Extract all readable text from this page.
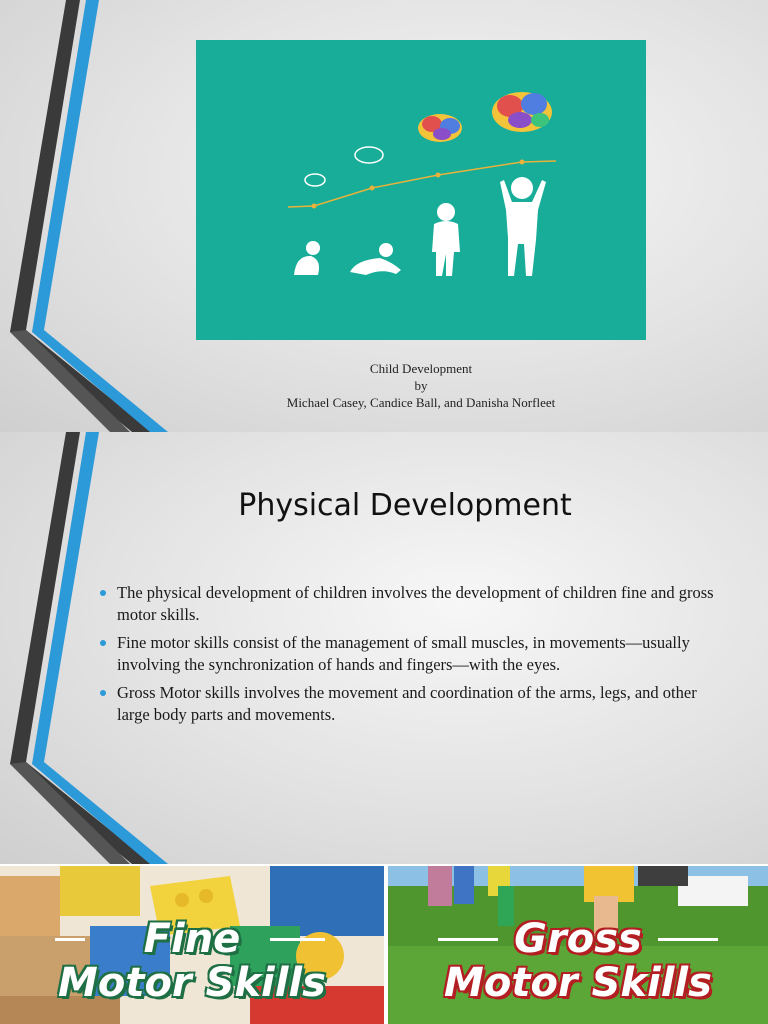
Child Development
by
Michael Casey, Candice Ball, and Danisha Norfleet
Physical Development
The physical development of children involves the development of children fine and gross motor skills.
Fine motor skills consist of the management of small muscles, in movements—usually involving the synchronization of hands and fingers—with the eyes.
Gross Motor skills involves the movement and coordination of the arms, legs, and other large body parts and movements.
Fine
Motor Skills
Gross
Motor Skills
